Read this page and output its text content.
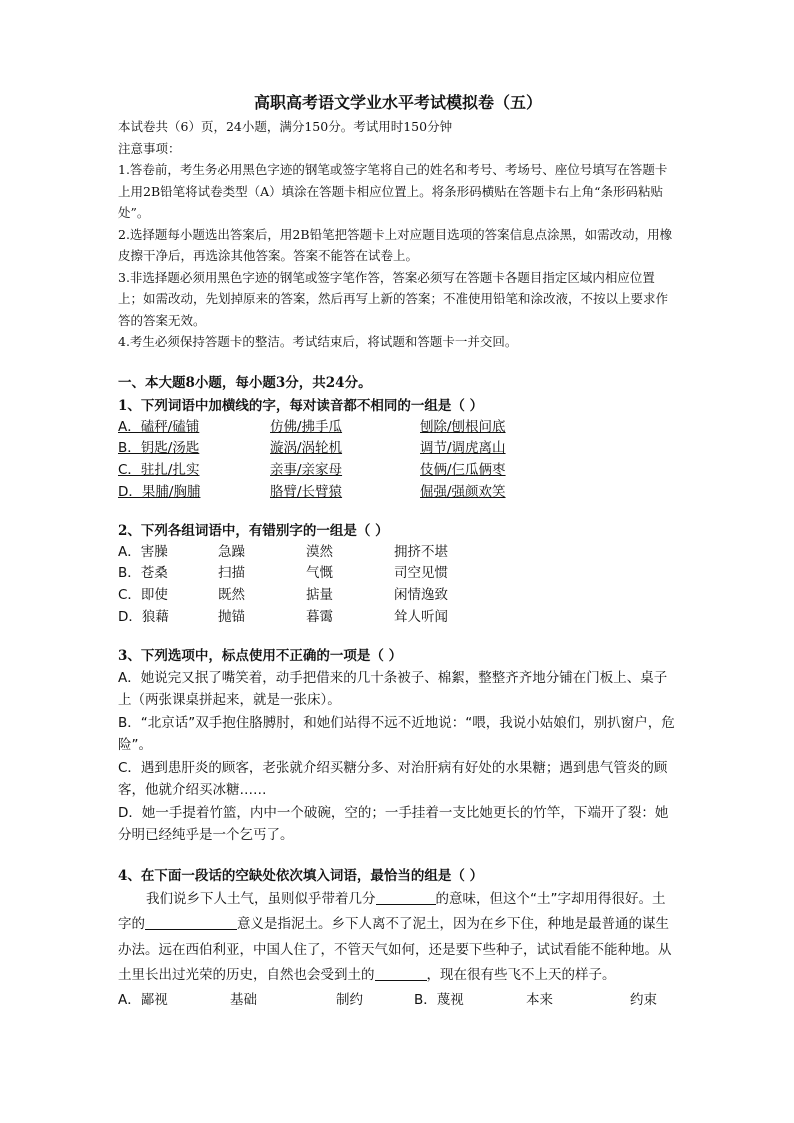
高职高考语文学业水平考试模拟卷（五）

本试卷共（6）页，24小题，满分150分。考试用时150分钟

注意事项：

1.答卷前，考生务必用黑色字迹的钢笔或签字笔将自己的姓名和考号、考场号、座位号填写在答题卡上用2B铅笔将试卷类型（A）填涂在答题卡相应位置上。将条形码横贴在答题卡右上角“条形码粘贴处”。

2.选择题每小题选出答案后，用2B铅笔把答题卡上对应题目选项的答案信息点涂黑，如需改动，用橡皮擦干净后，再选涂其他答案。答案不能答在试卷上。

3.非选择题必须用黑色字迹的钢笔或签字笔作答，答案必须写在答题卡各题目指定区域内相应位置上；如需改动，先划掉原来的答案，然后再写上新的答案；不准使用铅笔和涂改液，不按以上要求作答的答案无效。

4.考生必须保持答题卡的整洁。考试结束后，将试题和答题卡一并交回。

一、本大题8小题，每小题3分，共24分。

1、下列词语中加横线的字，每对读音都不相同的一组是（ ）

A．磕秤/磕铺	仿佛/拂手瓜	刨除/刨根问底
B．钥匙/汤匙	漩涡/涡轮机	调节/调虎离山
C．驻扎/扎实	亲事/亲家母	伎俩/仨瓜俩枣
D．果脯/胸脯	胳臂/长臂猿	倔强/强颜欢笑

2、下列各组词语中，有错别字的一组是（ ）

A．害臊	急躁	漠然	拥挤不堪
B．苍桑	扫描	气慨	司空见惯
C．即使	既然	掂量	闲情逸致
D．狼藉	抛锚	暮霭	耸人听闻

3、下列选项中，标点使用不正确的一项是（ ）

A．她说完又抿了嘴笑着，动手把借来的几十条被子、棉絮，整整齐齐地分铺在门板上、桌子上（两张课桌拼起来，就是一张床）。

B．“北京话”双手抱住胳膊肘，和她们站得不远不近地说：“喂，我说小姑娘们，别扒窗户，危险”。

C．遇到患肝炎的顾客，老张就介绍买糖分多、对治肝病有好处的水果糖；遇到患气管炎的顾客，他就介绍买冰糖……

D．她一手提着竹篮，内中一个破碗，空的；一手挂着一支比她更长的竹竿，下端开了裂：她分明已经纯乎是一个乞丐了。

4、在下面一段话的空缺处依次填入词语，最恰当的组是（ ）

我们说乡下人土气，虽则似乎带着几分	的意味，但这个“土”字却用得很好。土字的	意义是指泥土。乡下人离不了泥土，因为在乡下住，种地是最普通的谋生办法。远在西伯利亚，中国人住了，不管天气如何，还是要下些种子，试试看能不能种地。从土里长出过光荣的历史，自然也会受到土的	，现在很有些飞不上天的样子。

A．鄙视	基础	制约	B．蔑视	本来	约束
